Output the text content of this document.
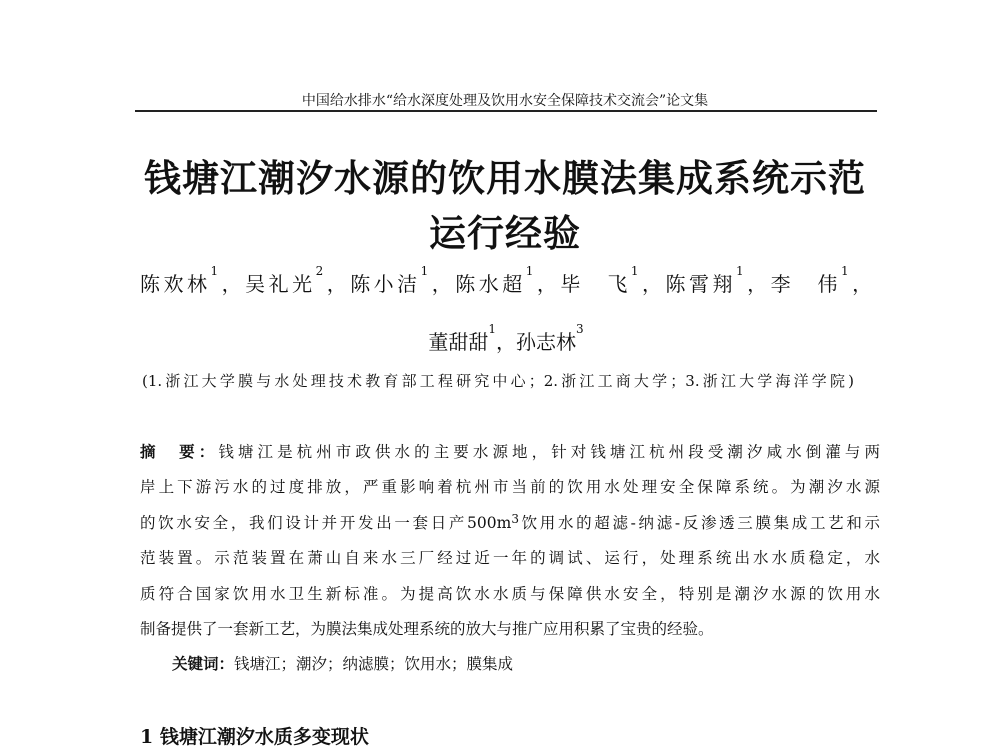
中国给水排水“给水深度处理及饮用水安全保障技术交流会”论文集
钱塘江潮汐水源的饮用水膜法集成系统示范
运行经验
陈欢林$^1$，吴礼光$^2$，陈小洁$^1$，陈水超$^1$，毕　飞$^1$，陈霄翔$^1$，李　伟$^1$，
董甜甜$^1$，孙志林$^3$
(1.浙江大学膜与水处理技术教育部工程研究中心；2.浙江工商大学；3.浙江大学海洋学院)
摘　要：钱塘江是杭州市政供水的主要水源地，针对钱塘江杭州段受潮汐咸水倒灌与两
岸上下游污水的过度排放，严重影响着杭州市当前的饮用水处理安全保障系统。为潮汐水源
的饮水安全，我们设计并开发出一套日产$500m^3$饮用水的超滤-纳滤-反渗透三膜集成工艺和示
范装置。示范装置在萧山自来水三厂经过近一年的调试、运行，处理系统出水水质稳定，水
质符合国家饮用水卫生新标准。为提高饮水水质与保障供水安全，特别是潮汐水源的饮用水
制备提供了一套新工艺，为膜法集成处理系统的放大与推广应用积累了宝贵的经验。
关键词：钱塘江；潮汐；纳滤膜；饮用水；膜集成
1 钱塘江潮汐水质多变现状
